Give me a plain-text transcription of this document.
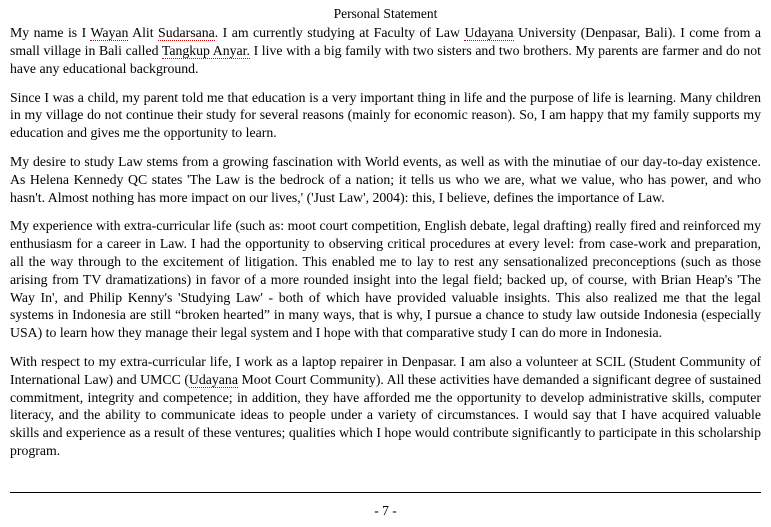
Personal Statement

My name is I Wayan Alit Sudarsana. I am currently studying at Faculty of Law Udayana University (Denpasar, Bali). I come from a small village in Bali called Tangkup Anyar. I live with a big family with two sisters and two brothers. My parents are farmer and do not have any educational background.

Since I was a child, my parent told me that education is a very important thing in life and the purpose of life is learning. Many children in my village do not continue their study for several reasons (mainly for economic reason). So, I am happy that my family supports my education and gives me the opportunity to learn.

My desire to study Law stems from a growing fascination with World events, as well as with the minutiae of our day-to-day existence. As Helena Kennedy QC states 'The Law is the bedrock of a nation; it tells us who we are, what we value, who has power, and who hasn't. Almost nothing has more impact on our lives,' ('Just Law', 2004): this, I believe, defines the importance of Law.

My experience with extra-curricular life (such as: moot court competition, English debate, legal drafting) really fired and reinforced my enthusiasm for a career in Law. I had the opportunity to observing critical procedures at every level: from case-work and preparation, all the way through to the excitement of litigation. This enabled me to lay to rest any sensationalized preconceptions (such as those arising from TV dramatizations) in favor of a more rounded insight into the legal field; backed up, of course, with Brian Heap's 'The Way In', and Philip Kenny's 'Studying Law' - both of which have provided valuable insights. This also realized me that the legal systems in Indonesia are still “broken hearted” in many ways, that is why, I pursue a chance to study law outside Indonesia (especially USA) to learn how they manage their legal system and I hope with that comparative study I can do more in Indonesia.

With respect to my extra-curricular life, I work as a laptop repairer in Denpasar. I am also a volunteer at SCIL (Student Community of International Law) and UMCC (Udayana Moot Court Community). All these activities have demanded a significant degree of sustained commitment, integrity and competence; in addition, they have afforded me the opportunity to develop administrative skills, computer literacy, and the ability to communicate ideas to people under a variety of circumstances. I would say that I have acquired valuable skills and experience as a result of these ventures; qualities which I hope would contribute significantly to participate in this scholarship program.

- 7 -
